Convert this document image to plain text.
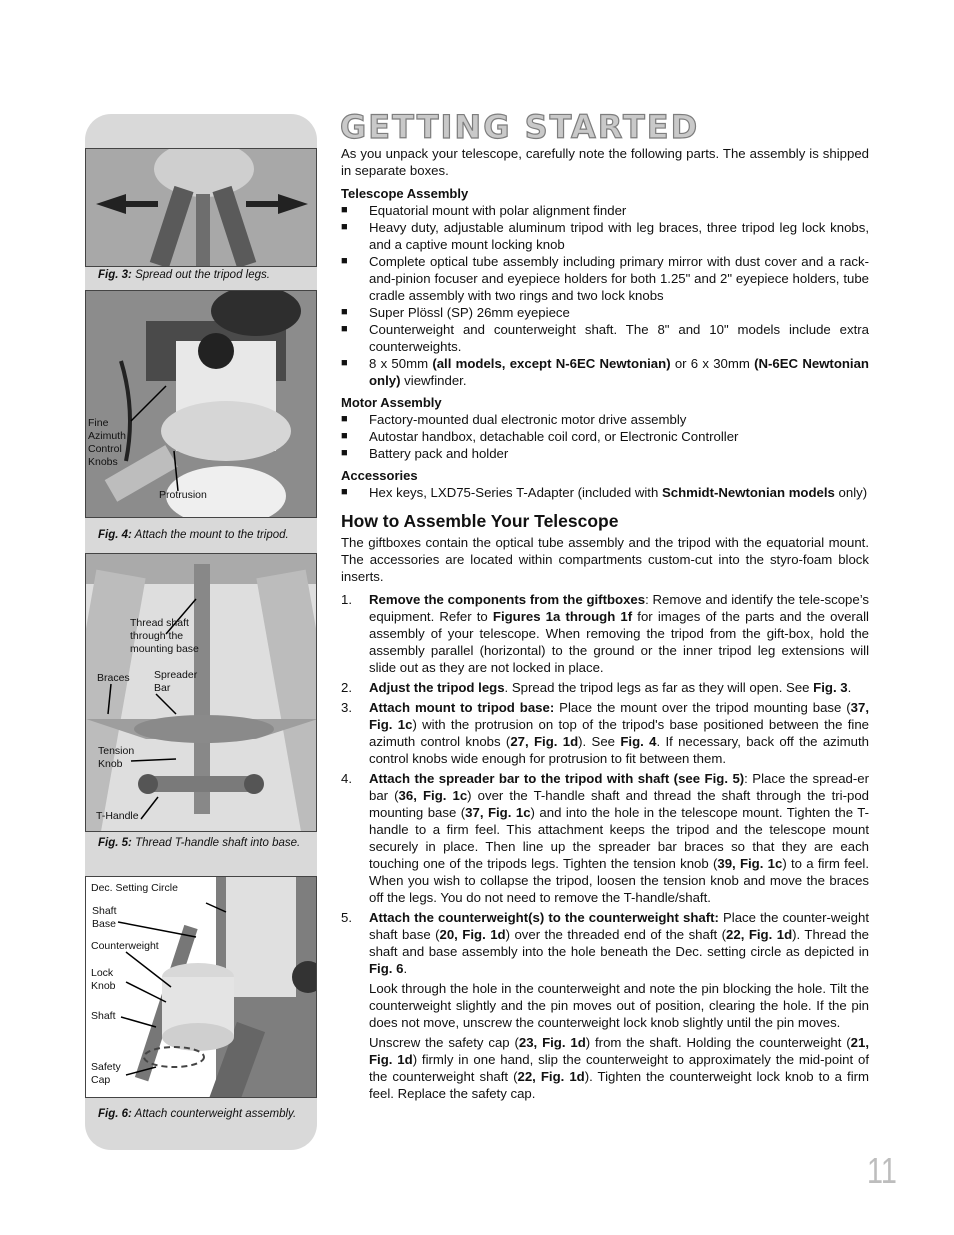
Fig. 3: Spread out the tripod legs.
Fine
Azimuth
Control
Knobs
Protrusion
Fig. 4: Attach the mount to the tripod.
Thread shaft
through the
mounting base
Braces Spreader
Bar
Tension
Knob
T-Handle
Fig. 5: Thread T-handle shaft into base.
Dec. Setting Circle
Shaft
Base
Counterweight
Lock
Knob
Shaft
Safety
Cap
Fig. 6: Attach counterweight assembly.
GETTING STARTED

As you unpack your telescope, carefully note the following parts. The assembly is shipped in separate boxes.

Telescope Assembly
■ Equatorial mount with polar alignment finder
■ Heavy duty, adjustable aluminum tripod with leg braces, three tripod leg lock knobs, and a captive mount locking knob
■ Complete optical tube assembly including primary mirror with dust cover and a rack-and-pinion focuser and eyepiece holders for both 1.25" and 2" eyepiece holders, tube cradle assembly with two rings and two lock knobs
■ Super Plössl (SP) 26mm eyepiece
■ Counterweight and counterweight shaft. The 8" and 10" models include extra counterweights.
■ 8 x 50mm (all models, except N-6EC Newtonian) or 6 x 30mm (N-6EC Newtonian only) viewfinder.
Motor Assembly
■ Factory-mounted dual electronic motor drive assembly
■ Autostar handbox, detachable coil cord, or Electronic Controller
■ Battery pack and holder
Accessories
■ Hex keys, LXD75-Series T-Adapter (included with Schmidt-Newtonian models only)
How to Assemble Your Telescope

The giftboxes contain the optical tube assembly and the tripod with the equatorial mount. The accessories are located within compartments custom-cut into the styro-foam block inserts.

1. Remove the components from the giftboxes: Remove and identify the tele-scope’s equipment. Refer to Figures 1a through 1f for images of the parts and the overall assembly of your telescope. When removing the tripod from the gift-box, hold the assembly parallel (horizontal) to the ground or the inner tripod leg extensions will slide out as they are not locked in place.
2. Adjust the tripod legs. Spread the tripod legs as far as they will open. See Fig. 3.
3. Attach mount to tripod base: Place the mount over the tripod mounting base (37, Fig. 1c) with the protrusion on top of the tripod's base positioned between the fine azimuth control knobs (27, Fig. 1d). See Fig. 4. If necessary, back off the azimuth control knobs wide enough for protrusion to fit between them.
4. Attach the spreader bar to the tripod with shaft (see Fig. 5): Place the spread-er bar (36, Fig. 1c) over the T-handle shaft and thread the shaft through the tri-pod mounting base (37, Fig. 1c) and into the hole in the telescope mount. Tighten the T-handle to a firm feel. This attachment keeps the tripod and the telescope mount securely in place. Then line up the spreader bar braces so that they are each touching one of the tripods legs. Tighten the tension knob (39, Fig. 1c) to a firm feel. When you wish to collapse the tripod, loosen the tension knob and move the braces off the legs. You do not need to remove the T-handle/shaft.
5. Attach the counterweight(s) to the counterweight shaft: Place the counter-weight shaft base (20, Fig. 1d) over the threaded end of the shaft (22, Fig. 1d). Thread the shaft and base assembly into the hole beneath the Dec. setting circle as depicted in Fig. 6.
Look through the hole in the counterweight and note the pin blocking the hole. Tilt the counterweight slightly and the pin moves out of position, clearing the hole. If the pin does not move, unscrew the counterweight lock knob slightly until the pin moves.
Unscrew the safety cap (23, Fig. 1d) from the shaft. Holding the counterweight (21, Fig. 1d) firmly in one hand, slip the counterweight to approximately the mid-point of the counterweight shaft (22, Fig. 1d). Tighten the counterweight lock knob to a firm feel. Replace the safety cap.
11
